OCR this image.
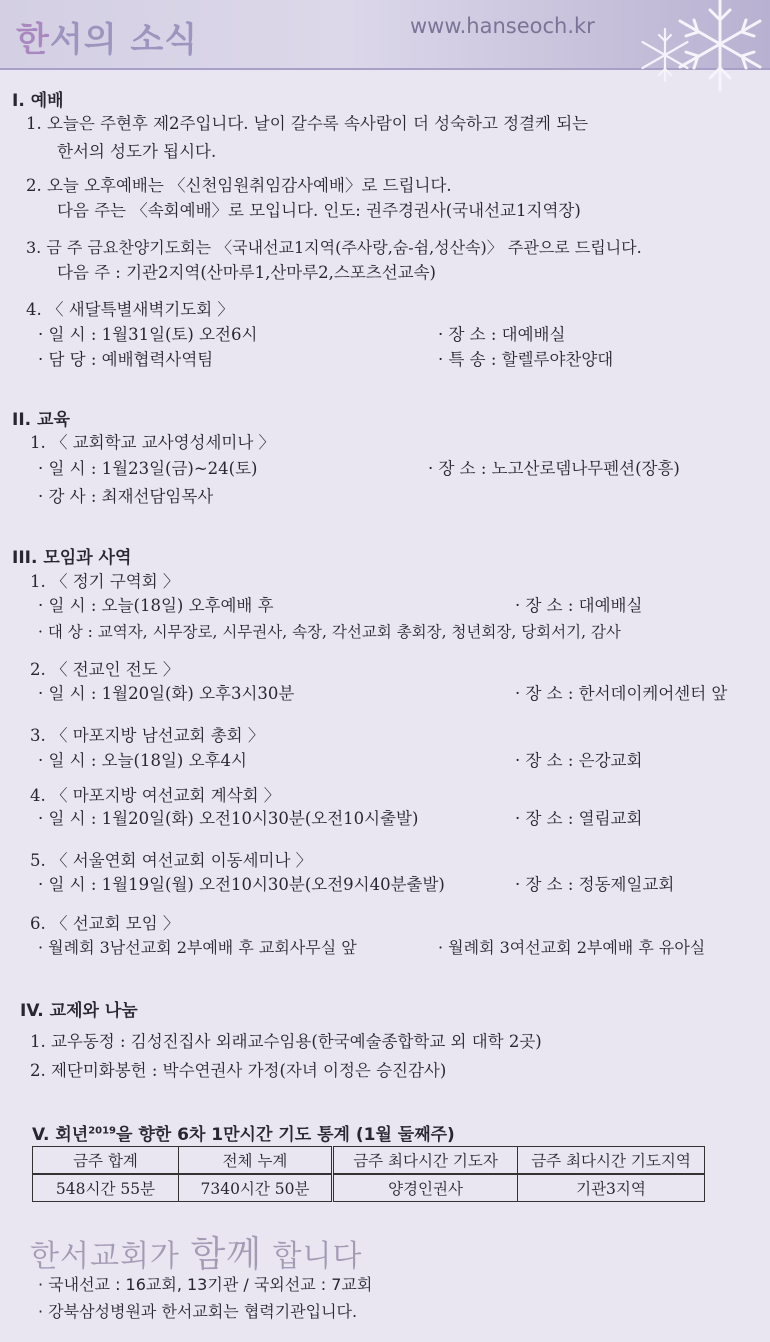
한서의 소식	www.hanseoch.kr
I. 예배
1. 오늘은 주현후 제2주입니다. 날이 갈수록 속사람이 더 성숙하고 정결케 되는
한서의 성도가 됩시다.
2. 오늘 오후예배는 〈신천임원취임감사예배〉로 드립니다.
다음 주는 〈속회예배〉로 모입니다. 인도: 권주경권사(국내선교1지역장)
3. 금 주 금요찬양기도회는 〈국내선교1지역(주사랑,숨-쉼,성산속)〉 주관으로 드립니다.
다음 주 : 기관2지역(산마루1,산마루2,스포츠선교속)
4. 〈 새달특별새벽기도회 〉
· 일 시 : 1월31일(토) 오전6시	· 장 소 : 대예배실
· 담 당 : 예배협력사역팀	· 특 송 : 할렐루야찬양대
II. 교육
1. 〈 교회학교 교사영성세미나 〉
· 일 시 : 1월23일(금)~24(토)	· 장 소 : 노고산로뎀나무펜션(장흥)
· 강 사 : 최재선담임목사
III. 모임과 사역
1. 〈 정기 구역회 〉
· 일 시 : 오늘(18일) 오후예배 후	· 장 소 : 대예배실
· 대 상 : 교역자, 시무장로, 시무권사, 속장, 각선교회 총회장, 청년회장, 당회서기, 감사
2. 〈 전교인 전도 〉
· 일 시 : 1월20일(화) 오후3시30분	· 장 소 : 한서데이케어센터 앞
3. 〈 마포지방 남선교회 총회 〉
· 일 시 : 오늘(18일) 오후4시	· 장 소 : 은강교회
4. 〈 마포지방 여선교회 계삭회 〉
· 일 시 : 1월20일(화) 오전10시30분(오전10시출발)	· 장 소 : 열림교회
5. 〈 서울연회 여선교회 이동세미나 〉
· 일 시 : 1월19일(월) 오전10시30분(오전9시40분출발)	· 장 소 : 정동제일교회
6. 〈 선교회 모임 〉
· 월례회 3남선교회 2부예배 후 교회사무실 앞	· 월례회 3여선교회 2부예배 후 유아실
IV. 교제와 나눔
1. 교우동정 : 김성진집사 외래교수임용(한국예술종합학교 외 대학 2곳)
2. 제단미화봉헌 : 박수연권사 가정(자녀 이정은 승진감사)
V. 회년$^{2019}$을 향한 6차 1만시간 기도 통계 (1월 둘째주)
금주 합계	전체 누계	금주 최다시간 기도자	금주 최다시간 기도지역
548시간 55분	7340시간 50분	양경인권사	기관3지역
한서교회가 함께 합니다
· 국내선교 : 16교회, 13기관 / 국외선교 : 7교회
· 강북삼성병원과 한서교회는 협력기관입니다.
